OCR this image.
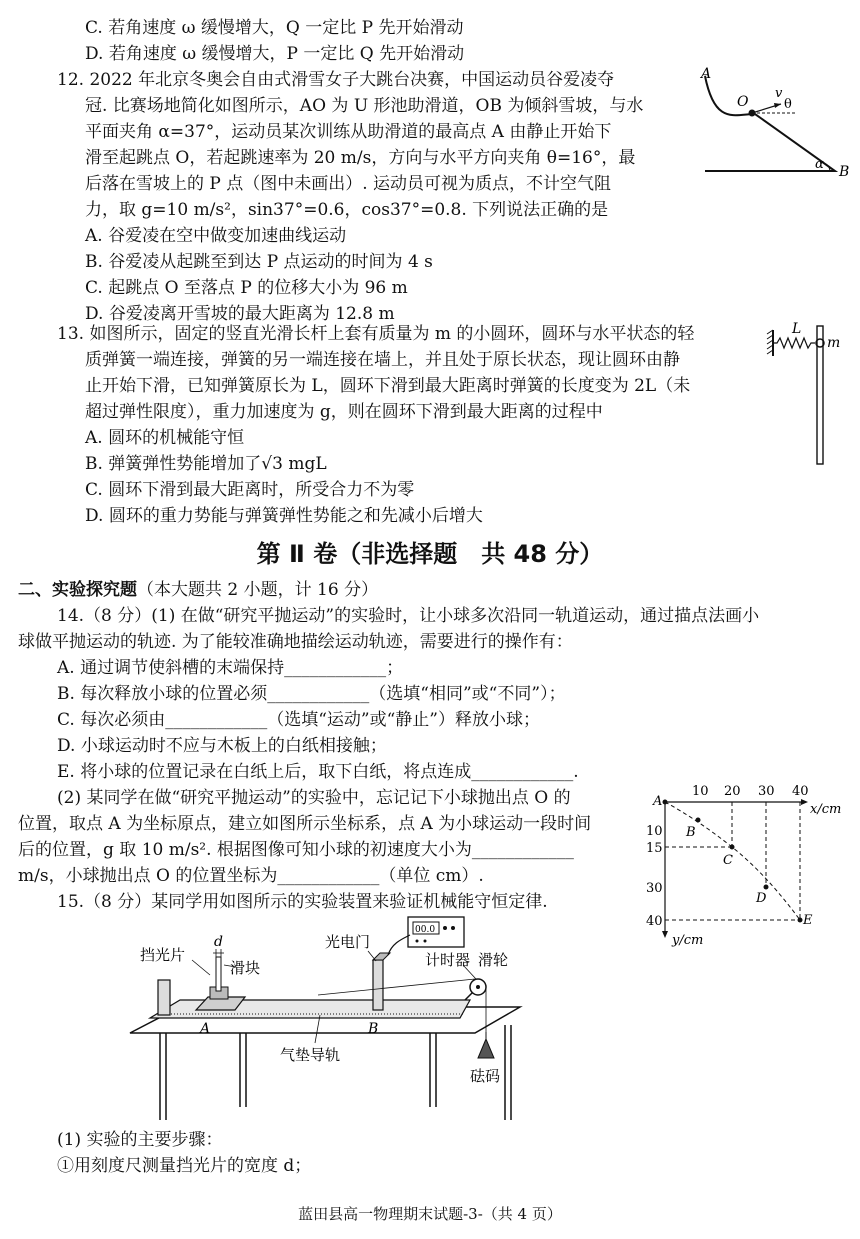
C. 若角速度 ω 缓慢增大，Q 一定比 P 先开始滑动
D. 若角速度 ω 缓慢增大，P 一定比 Q 先开始滑动
12. 2022 年北京冬奥会自由式滑雪女子大跳台决赛，中国运动员谷爱凌夺
冠. 比赛场地简化如图所示，AO 为 U 形池助滑道，OB 为倾斜雪坡，与水
平面夹角 α=37°，运动员某次训练从助滑道的最高点 A 由静止开始下
滑至起跳点 O，若起跳速率为 20 m/s，方向与水平方向夹角 θ=16°，最
后落在雪坡上的 P 点（图中未画出）. 运动员可视为质点，不计空气阻
力，取 g=10 m/s²，sin37°=0.6，cos37°=0.8. 下列说法正确的是
A. 谷爱凌在空中做变加速曲线运动
B. 谷爱凌从起跳至到达 P 点运动的时间为 4 s
C. 起跳点 O 至落点 P 的位移大小为 96 m
D. 谷爱凌离开雪坡的最大距离为 12.8 m
A
O
v
θ
α B
13. 如图所示，固定的竖直光滑长杆上套有质量为 m 的小圆环，圆环与水平状态的轻
质弹簧一端连接，弹簧的另一端连接在墙上，并且处于原长状态，现让圆环由静
止开始下滑，已知弹簧原长为 L，圆环下滑到最大距离时弹簧的长度变为 2L（未
超过弹性限度），重力加速度为 g，则在圆环下滑到最大距离的过程中
A. 圆环的机械能守恒
B. 弹簧弹性势能增加了√3 mgL
C. 圆环下滑到最大距离时，所受合力不为零
D. 圆环的重力势能与弹簧弹性势能之和先减小后增大
L
m
第 Ⅱ 卷（非选择题　共 48 分）
二、实验探究题（本大题共 2 小题，计 16 分）
14.（8 分）(1) 在做“研究平抛运动”的实验时，让小球多次沿同一轨道运动，通过描点法画小
球做平抛运动的轨迹. 为了能较准确地描绘运动轨迹，需要进行的操作有：
A. 通过调节使斜槽的末端保持____________；
B. 每次释放小球的位置必须____________（选填“相同”或“不同”）；
C. 每次必须由____________（选填“运动”或“静止”）释放小球；
D. 小球运动时不应与木板上的白纸相接触；
E. 将小球的位置记录在白纸上后，取下白纸，将点连成____________.
(2) 某同学在做“研究平抛运动”的实验中，忘记记下小球抛出点 O 的
位置，取点 A 为坐标原点，建立如图所示坐标系，点 A 为小球运动一段时间
后的位置，g 取 10 m/s². 根据图像可知小球的初速度大小为____________
m/s，小球抛出点 O 的位置坐标为____________（单位 cm）.
10 20 30 40
x/cm
10
15
30
40
y/cm
A
B
C
D
E
15.（8 分）某同学用如图所示的实验装置来验证机械能守恒定律.
挡光片
d
滑块
光电门
计时器
00.0
滑轮
A	B
气垫导轨
砝码
(1) 实验的主要步骤：
①用刻度尺测量挡光片的宽度 d；
蓝田县高一物理期末试题-3-（共 4 页）
